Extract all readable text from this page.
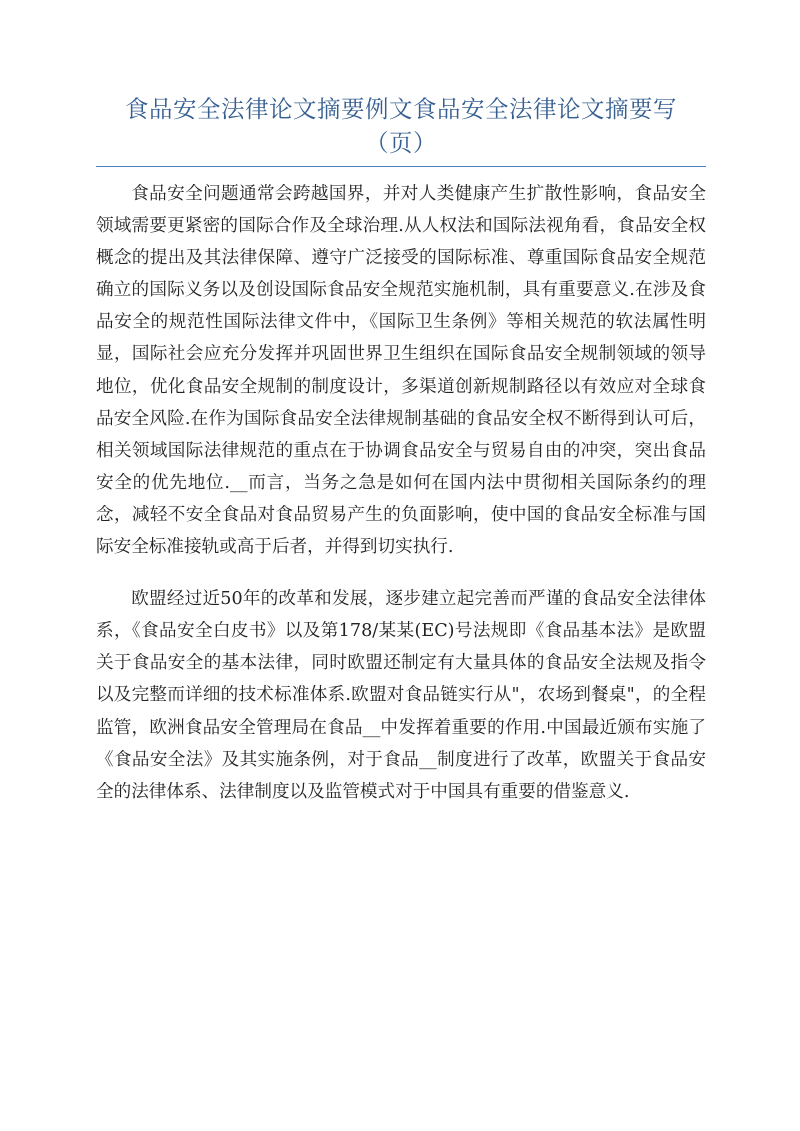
食品安全法律论文摘要例文食品安全法律论文摘要写（页）

食品安全问题通常会跨越国界，并对人类健康产生扩散性影响，食品安全领域需要更紧密的国际合作及全球治理.从人权法和国际法视角看，食品安全权概念的提出及其法律保障、遵守广泛接受的国际标准、尊重国际食品安全规范确立的国际义务以及创设国际食品安全规范实施机制，具有重要意义.在涉及食品安全的规范性国际法律文件中，《国际卫生条例》等相关规范的软法属性明显，国际社会应充分发挥并巩固世界卫生组织在国际食品安全规制领域的领导地位，优化食品安全规制的制度设计，多渠道创新规制路径以有效应对全球食品安全风险.在作为国际食品安全法律规制基础的食品安全权不断得到认可后，相关领域国际法律规范的重点在于协调食品安全与贸易自由的冲突，突出食品安全的优先地位.__而言，当务之急是如何在国内法中贯彻相关国际条约的理念，减轻不安全食品对食品贸易产生的负面影响，使中国的食品安全标准与国际安全标准接轨或高于后者，并得到切实执行.

欧盟经过近50年的改革和发展，逐步建立起完善而严谨的食品安全法律体系，《食品安全白皮书》以及第178/某某(EC)号法规即《食品基本法》是欧盟关于食品安全的基本法律，同时欧盟还制定有大量具体的食品安全法规及指令以及完整而详细的技术标准体系.欧盟对食品链实行从"，农场到餐桌"，的全程监管，欧洲食品安全管理局在食品__中发挥着重要的作用.中国最近颁布实施了《食品安全法》及其实施条例，对于食品__制度进行了改革，欧盟关于食品安全的法律体系、法律制度以及监管模式对于中国具有重要的借鉴意义.
